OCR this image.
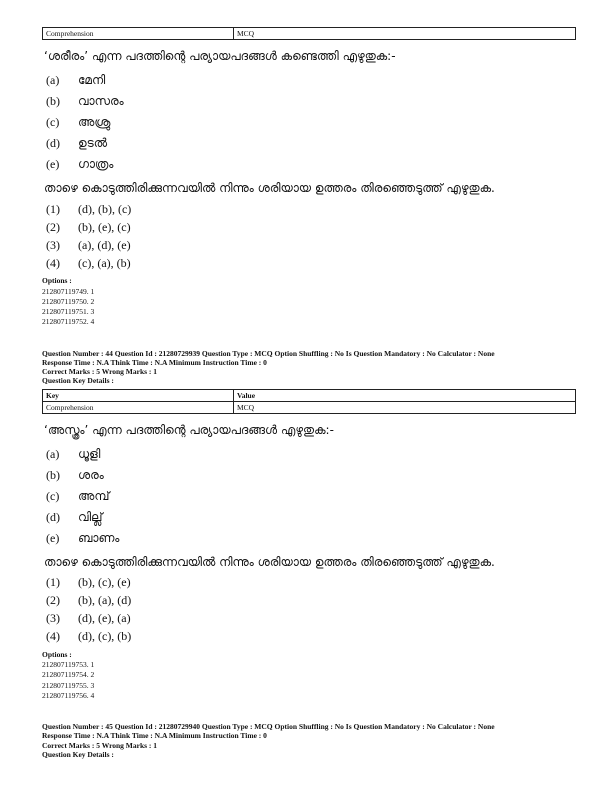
Comprehension	MCQ
‘ശരീരം’ എന്ന പദത്തിന്റെ പര്യായപദങ്ങൾ കണ്ടെത്തി എഴുതുക:-
(a)	മേനി
(b)	വാസരം
(c)	അശ്രു
(d)	ഉടൽ
(e)	ഗാത്രം
താഴെ കൊടുത്തിരിക്കുന്നവയിൽ നിന്നും ശരിയായ ഉത്തരം തിരഞ്ഞെടുത്ത് എഴുതുക.
(1)	(d), (b), (c)
(2)	(b), (e), (c)
(3)	(a), (d), (e)
(4)	(c), (a), (b)
Options :
212807119749. 1
212807119750. 2
212807119751. 3
212807119752. 4
Question Number : 44 Question Id : 21280729939 Question Type : MCQ Option Shuffling : No Is Question Mandatory : No Calculator : None
Response Time : N.A Think Time : N.A Minimum Instruction Time : 0
Correct Marks : 5 Wrong Marks : 1
Question Key Details :
Key	Value
Comprehension	MCQ
‘അസ്ത്രം’ എന്ന പദത്തിന്റെ പര്യായപദങ്ങൾ എഴുതുക:-
(a)	ധൂളി
(b)	ശരം
(c)	അമ്പ്
(d)	വില്ല്
(e)	ബാണം
താഴെ കൊടുത്തിരിക്കുന്നവയിൽ നിന്നും ശരിയായ ഉത്തരം തിരഞ്ഞെടുത്ത് എഴുതുക.
(1)	(b), (c), (e)
(2)	(b), (a), (d)
(3)	(d), (e), (a)
(4)	(d), (c), (b)
Options :
212807119753. 1
212807119754. 2
212807119755. 3
212807119756. 4
Question Number : 45 Question Id : 21280729940 Question Type : MCQ Option Shuffling : No Is Question Mandatory : No Calculator : None
Response Time : N.A Think Time : N.A Minimum Instruction Time : 0
Correct Marks : 5 Wrong Marks : 1
Question Key Details :
